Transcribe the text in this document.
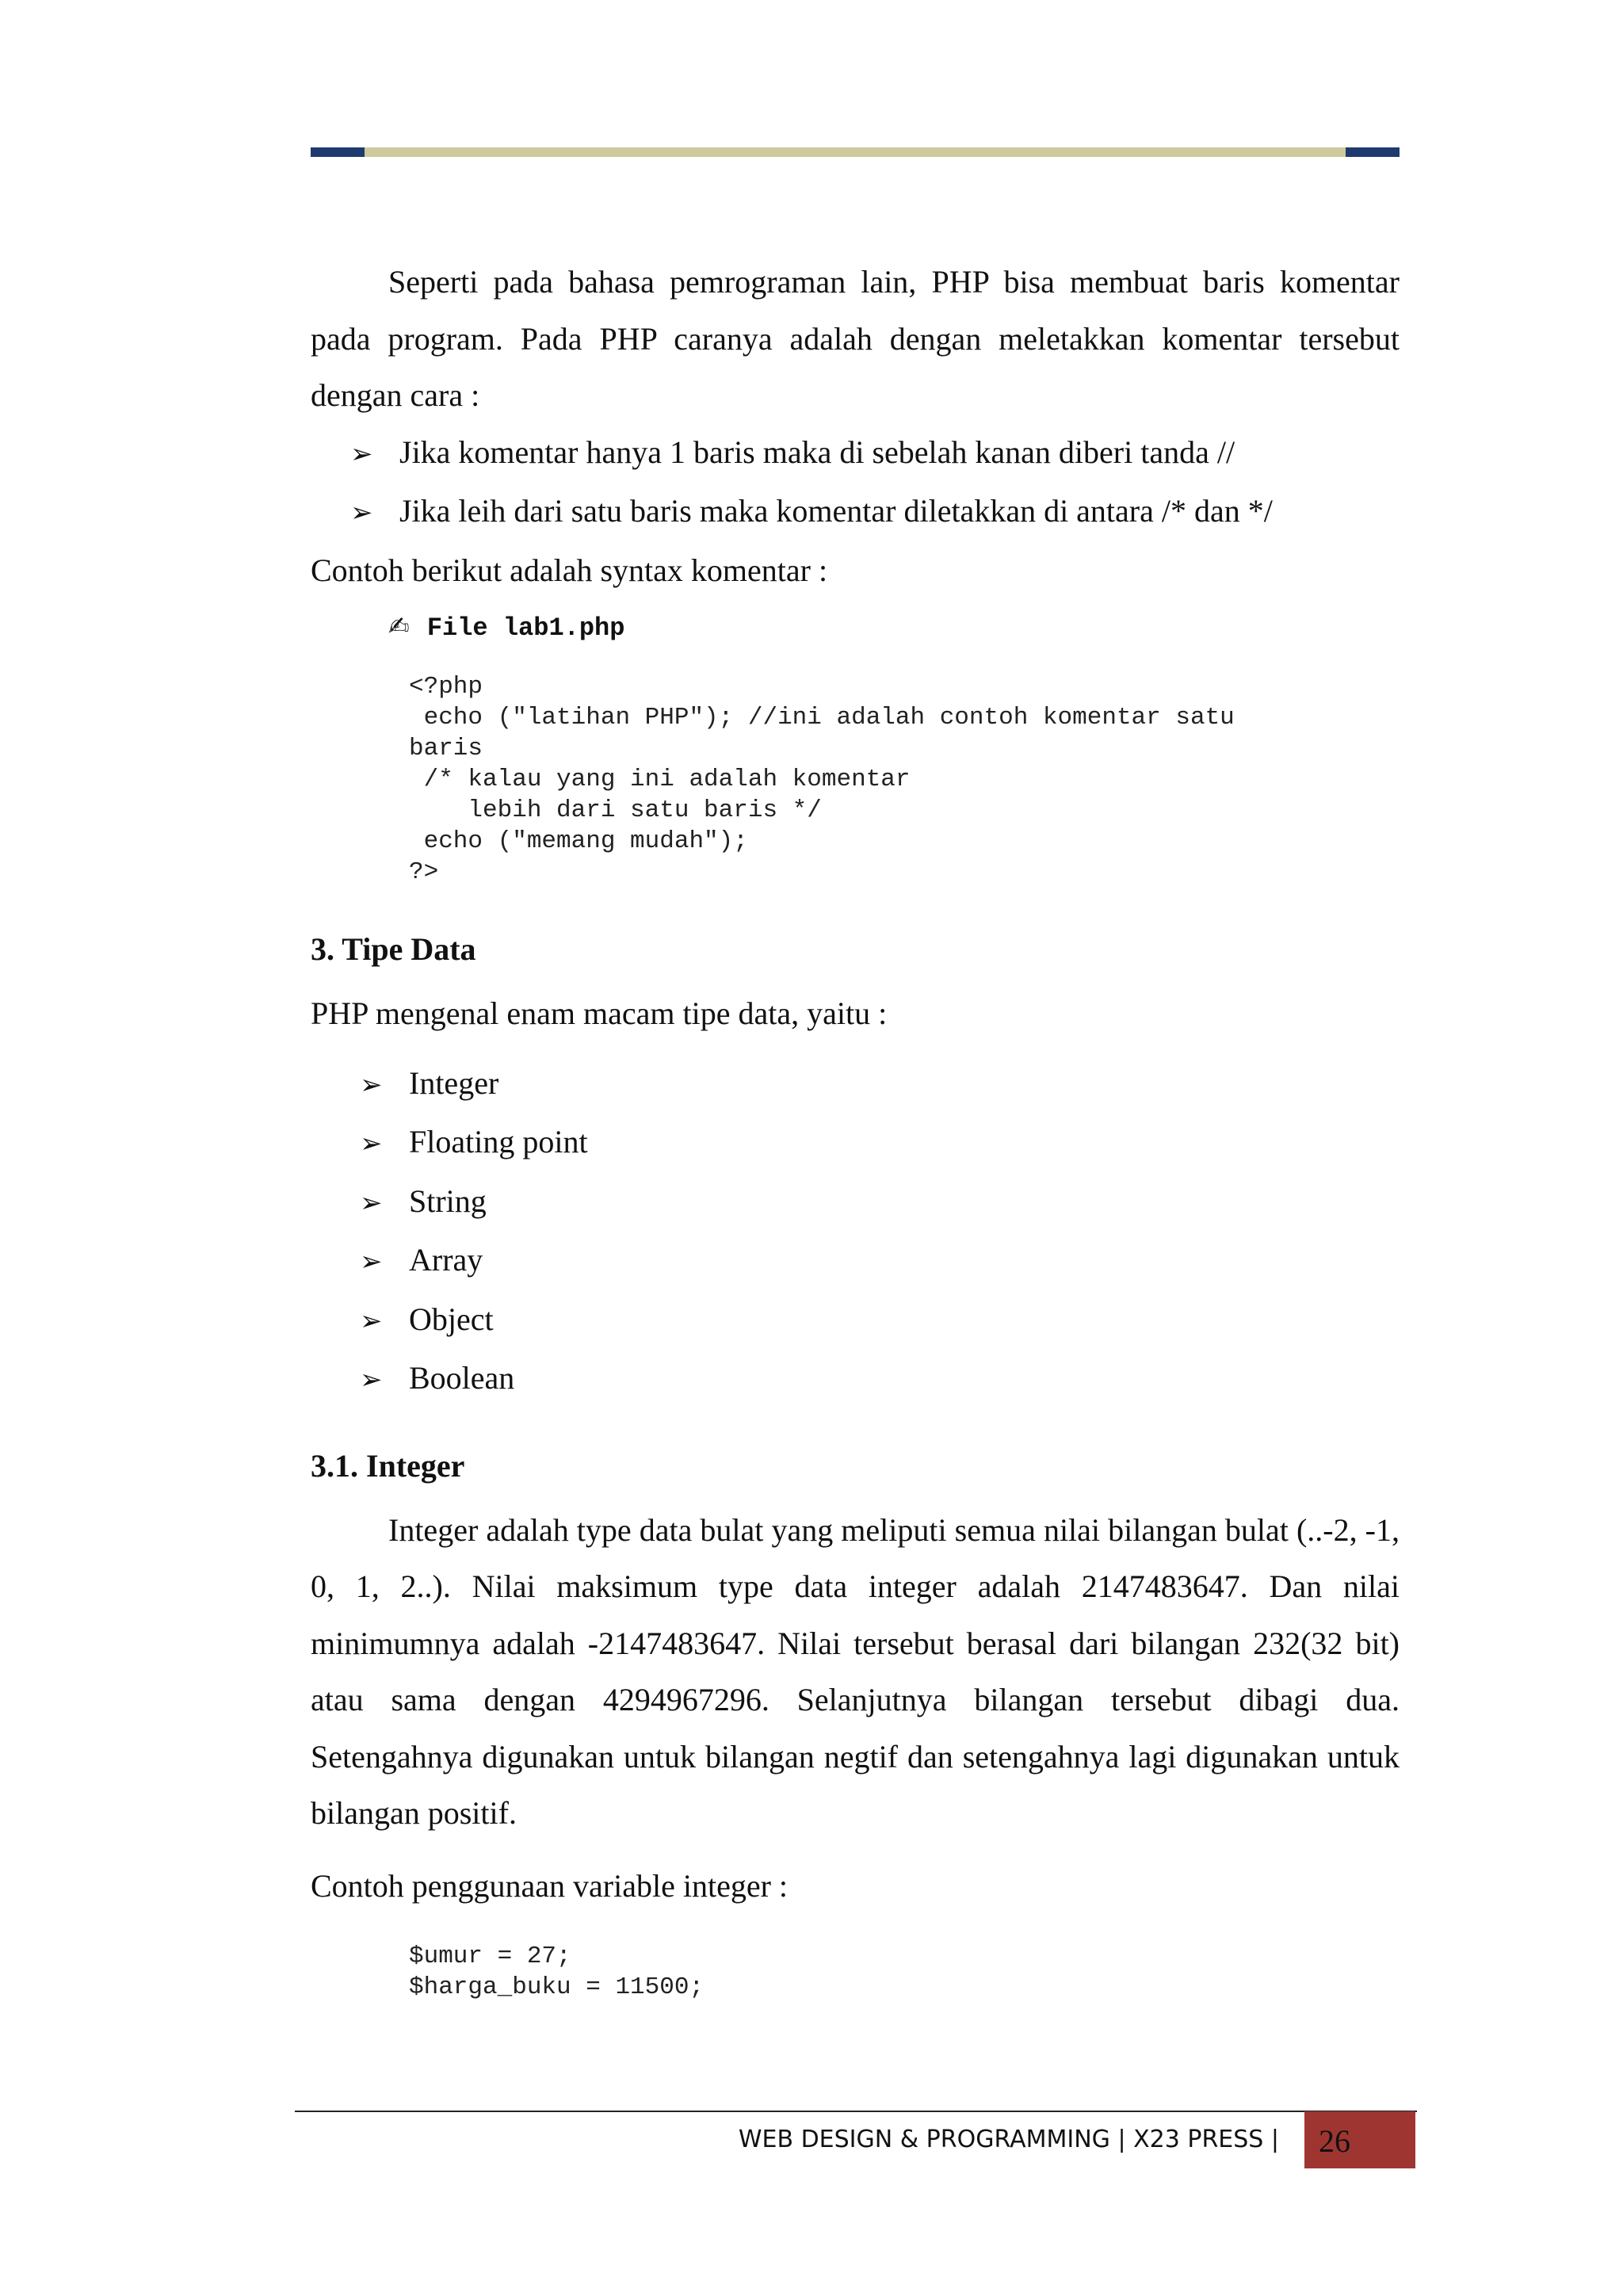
Seperti pada bahasa pemrograman lain, PHP bisa membuat baris komentar pada program. Pada PHP caranya adalah dengan meletakkan komentar tersebut dengan cara :

➢ Jika komentar hanya 1 baris maka di sebelah kanan diberi tanda //
➢ Jika leih dari satu baris maka komentar diletakkan di antara /* dan */

Contoh berikut adalah syntax komentar :

✍ File lab1.php
<?php
echo ("latihan PHP"); //ini adalah contoh komentar satu
baris
/* kalau yang ini adalah komentar
lebih dari satu baris */
echo ("memang mudah");
?>
3. Tipe Data

PHP mengenal enam macam tipe data, yaitu :

➢ Integer
➢ Floating point
➢ String
➢ Array
➢ Object
➢ Boolean
3.1. Integer

Integer adalah type data bulat yang meliputi semua nilai bilangan bulat (..-2, -1, 0, 1, 2..). Nilai maksimum type data integer adalah 2147483647. Dan nilai minimumnya adalah -2147483647. Nilai tersebut berasal dari bilangan 232(32 bit) atau sama dengan 4294967296. Selanjutnya bilangan tersebut dibagi dua. Setengahnya digunakan untuk bilangan negtif dan setengahnya lagi digunakan untuk bilangan positif.

Contoh penggunaan variable integer :

$umur = 27;
$harga_buku = 11500;
WEB DESIGN & PROGRAMMING | X23 PRESS | 26
